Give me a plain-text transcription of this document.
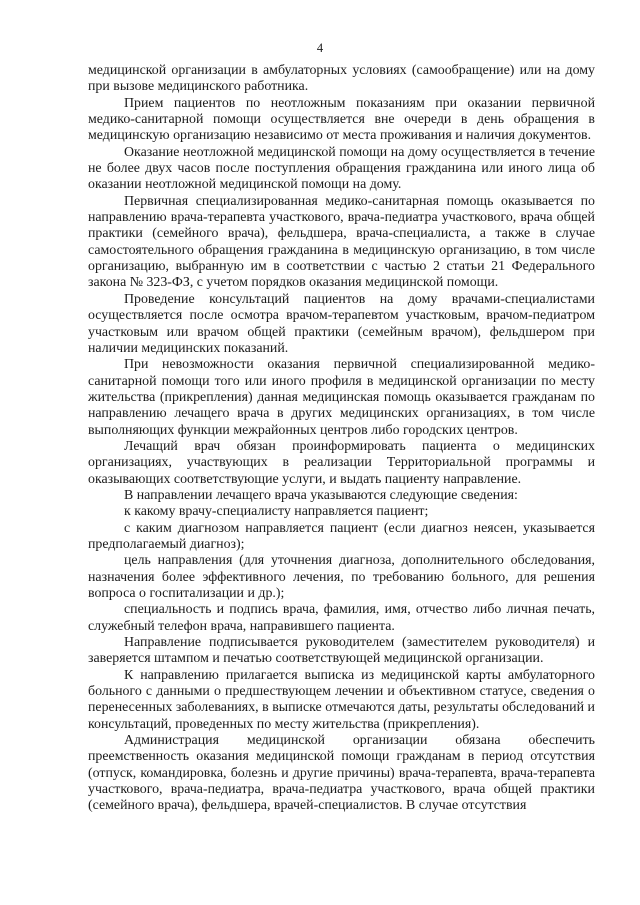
4

медицинской организации в амбулаторных условиях (самообращение) или на дому при вызове медицинского работника.

Прием пациентов по неотложным показаниям при оказании первичной медико-санитарной помощи осуществляется вне очереди в день обращения в медицинскую организацию независимо от места проживания и наличия документов.

Оказание неотложной медицинской помощи на дому осуществляется в течение не более двух часов после поступления обращения гражданина или иного лица об оказании неотложной медицинской помощи на дому.

Первичная специализированная медико-санитарная помощь оказывается по направлению врача-терапевта участкового, врача-педиатра участкового, врача общей практики (семейного врача), фельдшера, врача-специалиста, а также в случае самостоятельного обращения гражданина в медицинскую организацию, в том числе организацию, выбранную им в соответствии с частью 2 статьи 21 Федерального закона № 323-ФЗ, с учетом порядков оказания медицинской помощи.

Проведение консультаций пациентов на дому врачами-специалистами осуществляется после осмотра врачом-терапевтом участковым, врачом-педиатром участковым или врачом общей практики (семейным врачом), фельдшером при наличии медицинских показаний.

При невозможности оказания первичной специализированной медико-санитарной помощи того или иного профиля в медицинской организации по месту жительства (прикрепления) данная медицинская помощь оказывается гражданам по направлению лечащего врача в других медицинских организациях, в том числе выполняющих функции межрайонных центров либо городских центров.

Лечащий врач обязан проинформировать пациента о медицинских организациях, участвующих в реализации Территориальной программы и оказывающих соответствующие услуги, и выдать пациенту направление.

В направлении лечащего врача указываются следующие сведения:

к какому врачу-специалисту направляется пациент;

с каким диагнозом направляется пациент (если диагноз неясен, указывается предполагаемый диагноз);

цель направления (для уточнения диагноза, дополнительного обследования, назначения более эффективного лечения, по требованию больного, для решения вопроса о госпитализации и др.);

специальность и подпись врача, фамилия, имя, отчество либо личная печать, служебный телефон врача, направившего пациента.

Направление подписывается руководителем (заместителем руководителя) и заверяется штампом и печатью соответствующей медицинской организации.

К направлению прилагается выписка из медицинской карты амбулаторного больного с данными о предшествующем лечении и объективном статусе, сведения о перенесенных заболеваниях, в выписке отмечаются даты, результаты обследований и консультаций, проведенных по месту жительства (прикрепления).

Администрация медицинской организации обязана обеспечить преемственность оказания медицинской помощи гражданам в период отсутствия (отпуск, командировка, болезнь и другие причины) врача-терапевта, врача-терапевта участкового, врача-педиатра, врача-педиатра участкового, врача общей практики (семейного врача), фельдшера, врачей-специалистов. В случае отсутствия
